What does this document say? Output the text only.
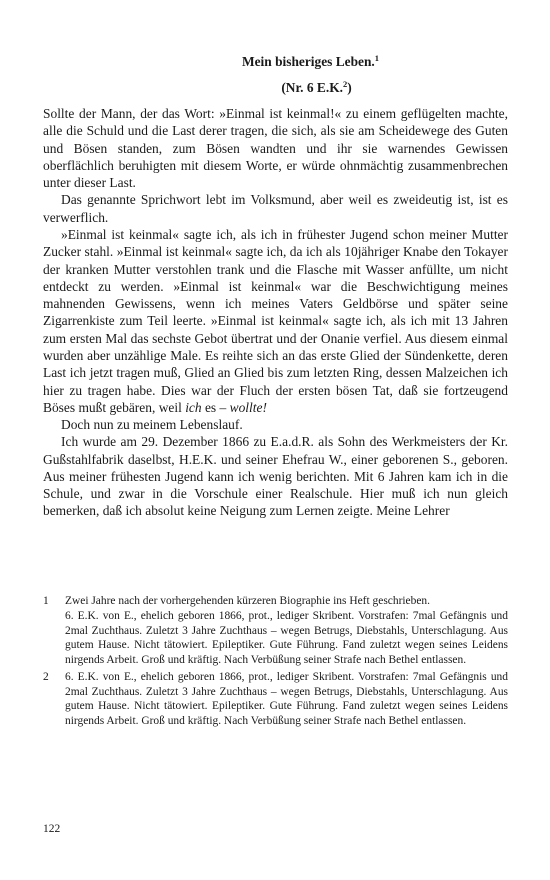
Mein bisheriges Leben.$^1$
(Nr. 6 E.K.$^2$)

Sollte der Mann, der das Wort: »Einmal ist keinmal!« zu einem geflügelten machte, alle die Schuld und die Last derer tragen, die sich, als sie am Scheidewege des Guten und Bösen standen, zum Bösen wandten und ihr sie warnendes Gewissen oberflächlich beruhigten mit diesem Worte, er würde ohnmächtig zusammenbrechen unter dieser Last.

Das genannte Sprichwort lebt im Volksmund, aber weil es zweideutig ist, ist es verwerflich.

»Einmal ist keinmal« sagte ich, als ich in frühester Jugend schon meiner Mutter Zucker stahl. »Einmal ist keinmal« sagte ich, da ich als 10jähriger Knabe den Tokayer der kranken Mutter verstohlen trank und die Flasche mit Wasser anfüllte, um nicht entdeckt zu werden. »Einmal ist keinmal« war die Beschwichtigung meines mahnenden Gewissens, wenn ich meines Vaters Geldbörse und später seine Zigarrenkiste zum Teil leerte. »Einmal ist keinmal« sagte ich, als ich mit 13 Jahren zum ersten Mal das sechste Gebot übertrat und der Onanie verfiel. Aus diesem einmal wurden aber unzählige Male. Es reihte sich an das erste Glied der Sündenkette, deren Last ich jetzt tragen muß, Glied an Glied bis zum letzten Ring, dessen Malzeichen ich hier zu tragen habe. Dies war der Fluch der ersten bösen Tat, daß sie fortzeugend Böses mußt gebären, weil ich es – wollte!

Doch nun zu meinem Lebenslauf.

Ich wurde am 29. Dezember 1866 zu E.a.d.R. als Sohn des Werkmeisters der Kr. Gußstahlfabrik daselbst, H.E.K. und seiner Ehefrau W., einer geborenen S., geboren. Aus meiner frühesten Jugend kann ich wenig berichten. Mit 6 Jahren kam ich in die Schule, und zwar in die Vorschule einer Realschule. Hier muß ich nun gleich bemerken, daß ich absolut keine Neigung zum Lernen zeigte. Meine Lehrer

1 Zwei Jahre nach der vorhergehenden kürzeren Biographie ins Heft geschrieben.

6. E.K. von E., ehelich geboren 1866, prot., lediger Skribent. Vorstrafen: 7mal Gefängnis und 2mal Zuchthaus. Zuletzt 3 Jahre Zuchthaus – wegen Betrugs, Diebstahls, Unterschlagung. Aus gutem Hause. Nicht tätowiert. Epileptiker. Gute Führung. Fand zuletzt wegen seines Leidens nirgends Arbeit. Groß und kräftig. Nach Verbüßung seiner Strafe nach Bethel entlassen.

2 6. E.K. von E., ehelich geboren 1866, prot., lediger Skribent. Vorstrafen: 7mal Gefängnis und 2mal Zuchthaus. Zuletzt 3 Jahre Zuchthaus – wegen Betrugs, Diebstahls, Unterschlagung. Aus gutem Hause. Nicht tätowiert. Epileptiker. Gute Führung. Fand zuletzt wegen seines Leidens nirgends Arbeit. Groß und kräftig. Nach Verbüßung seiner Strafe nach Bethel entlassen.

122
